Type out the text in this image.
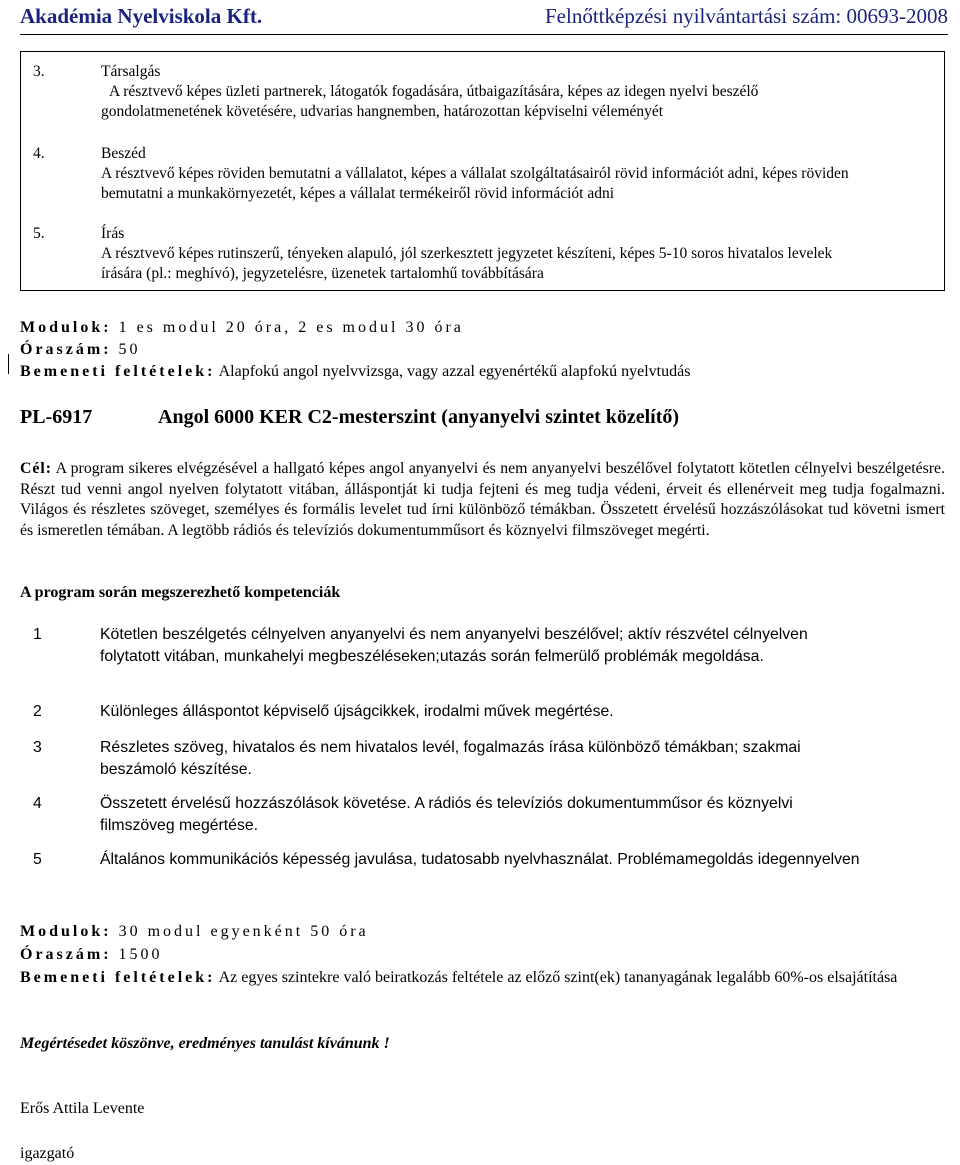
Akadémia Nyelviskola Kft.	Felnőttképzési nyilvántartási szám: 00693-2008
3.	Társalgás
A résztvevő képes üzleti partnerek, látogatók fogadására, útbaigazítására, képes az idegen nyelvi beszélő gondolatmenetének követésére, udvarias hangnemben, határozottan képviselni véleményét
4.	Beszéd
A résztvevő képes röviden bemutatni a vállalatot, képes a vállalat szolgáltatásairól rövid információt adni, képes röviden bemutatni a munkakörnyezetét, képes a vállalat termékeiről rövid információt adni
5.	Írás
A résztvevő képes rutinszerű, tényeken alapuló, jól szerkesztett jegyzetet készíteni, képes 5-10 soros hivatalos levelek írására (pl.: meghívó), jegyzetelésre, üzenetek tartalomhű továbbítására
Modulok: 1 es modul 20 óra, 2 es modul 30 óra
Óraszám: 50
Bemeneti feltételek: Alapfokú angol nyelvvizsga, vagy azzal egyenértékű alapfokú nyelvtudás
PL-6917	Angol 6000 KER C2-mesterszint (anyanyelvi szintet közelítő)
Cél: A program sikeres elvégzésével a hallgató képes angol anyanyelvi és nem anyanyelvi beszélővel folytatott kötetlen célnyelvi beszélgetésre. Részt tud venni angol nyelven folytatott vitában, álláspontját ki tudja fejteni és meg tudja védeni, érveit és ellenérveit meg tudja fogalmazni. Világos és részletes szöveget, személyes és formális levelet tud írni különböző témákban. Összetett érvelésű hozzászólásokat tud követni ismert és ismeretlen témában. A legtöbb rádiós és televíziós dokumentumműsort és köznyelvi filmszöveget megérti.
A program során megszerezhető kompetenciák
1	Kötetlen beszélgetés célnyelven anyanyelvi és nem anyanyelvi beszélővel; aktív részvétel célnyelven folytatott vitában, munkahelyi megbeszéléseken;utazás során felmerülő problémák megoldása.
2	Különleges álláspontot képviselő újságcikkek, irodalmi művek megértése.
3	Részletes szöveg, hivatalos és nem hivatalos levél, fogalmazás írása különböző témákban; szakmai beszámoló készítése.
4	Összetett érvelésű hozzászólások követése. A rádiós és televíziós dokumentumműsor és köznyelvi filmszöveg megértése.
5	Általános kommunikációs képesség javulása, tudatosabb nyelvhasználat. Problémamegoldás idegennyelven
Modulok: 30 modul egyenként 50 óra
Óraszám: 1500
Bemeneti feltételek: Az egyes szintekre való beiratkozás feltétele az előző szint(ek) tananyagának legalább 60%-os elsajátítása
Megértésedet köszönve, eredményes tanulást kívánunk !
Erős Attila Levente
igazgató
